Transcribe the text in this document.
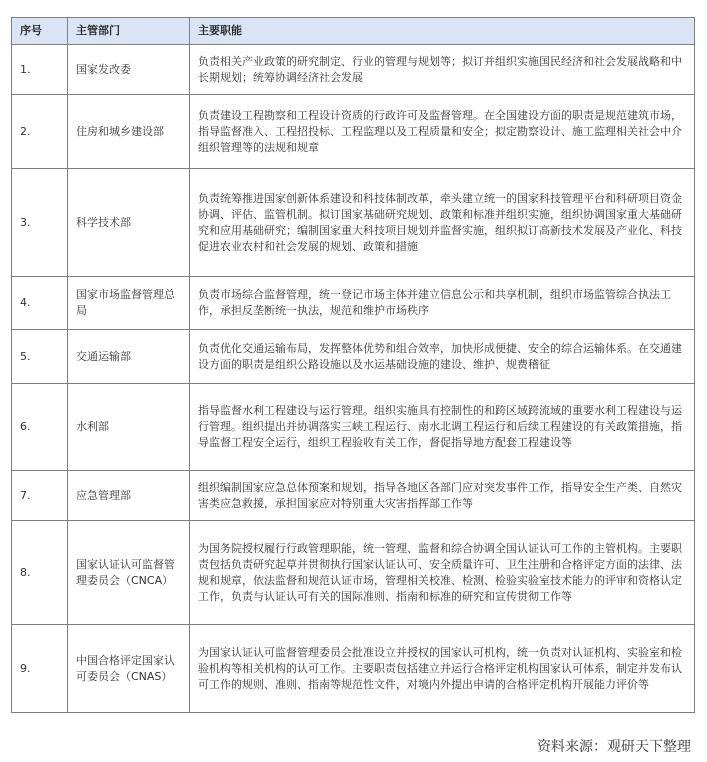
序号	主管部门	主要职能
1.	国家发改委	负责相关产业政策的研究制定、行业的管理与规划等；拟订并组织实施国民经济和社会发展战略和中长期规划；统筹协调经济社会发展
2.	住房和城乡建设部	负责建设工程勘察和工程设计资质的行政许可及监督管理。在全国建设方面的职责是规范建筑市场，指导监督准入、工程招投标、工程监理以及工程质量和安全；拟定勘察设计、施工监理相关社会中介组织管理等的法规和规章
3.	科学技术部	负责统筹推进国家创新体系建设和科技体制改革，牵头建立统一的国家科技管理平台和科研项目资金协调、评估、监管机制。拟订国家基础研究规划、政策和标准并组织实施，组织协调国家重大基础研究和应用基础研究；编制国家重大科技项目规划并监督实施，组织拟订高新技术发展及产业化、科技促进农业农村和社会发展的规划、政策和措施
4.	国家市场监督管理总局	负责市场综合监督管理，统一登记市场主体并建立信息公示和共享机制，组织市场监管综合执法工作，承担反垄断统一执法，规范和维护市场秩序
5.	交通运输部	负责优化交通运输布局，发挥整体优势和组合效率，加快形成便捷、安全的综合运输体系。在交通建设方面的职责是组织公路设施以及水运基础设施的建设、维护、规费稽征
6.	水利部	指导监督水利工程建设与运行管理。组织实施具有控制性的和跨区域跨流域的重要水利工程建设与运行管理。组织提出并协调落实三峡工程运行、南水北调工程运行和后续工程建设的有关政策措施，指导监督工程安全运行，组织工程验收有关工作，督促指导地方配套工程建设等
7.	应急管理部	组织编制国家应急总体预案和规划，指导各地区各部门应对突发事件工作，指导安全生产类、自然灾害类应急救援，承担国家应对特别重大灾害指挥部工作等
8.	国家认证认可监督管理委员会（CNCA）	为国务院授权履行行政管理职能，统一管理、监督和综合协调全国认证认可工作的主管机构。主要职责包括负责研究起草并贯彻执行国家认证认可、安全质量许可、卫生注册和合格评定方面的法律、法规和规章，依法监督和规范认证市场，管理相关校准、检测、检验实验室技术能力的评审和资格认定工作，负责与认证认可有关的国际准则、指南和标准的研究和宣传贯彻工作等
9.	中国合格评定国家认可委员会（CNAS）	为国家认证认可监督管理委员会批准设立并授权的国家认可机构，统一负责对认证机构、实验室和检验机构等相关机构的认可工作。主要职责包括建立并运行合格评定机构国家认可体系，制定并发布认可工作的规则、准则、指南等规范性文件，对境内外提出申请的合格评定机构开展能力评价等
资料来源：观研天下整理
